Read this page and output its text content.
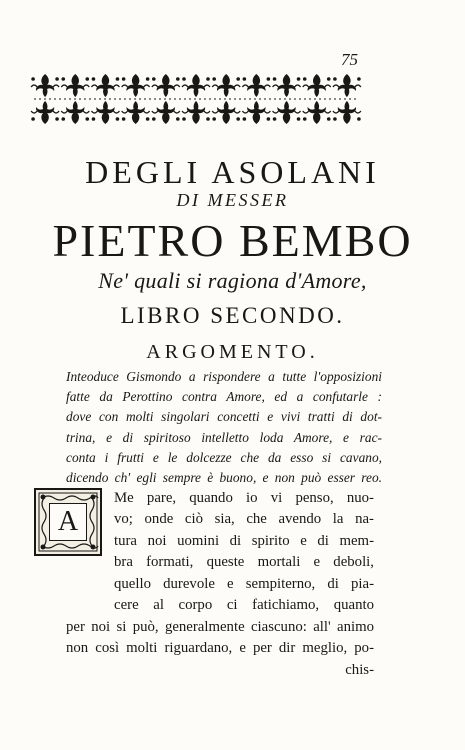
75
DEGLI ASOLANI
DI MESSER
PIETRO BEMBO
Ne' quali si ragiona d'Amore,
LIBRO SECONDO.
ARGOMENTO.
Inteoduce Gismondo a rispondere a tutte l'opposizioni
fatte da Perottino contra Amore, ed a confutarle :
dove con molti singolari concetti e vivi tratti di dot-
trina, e di spiritoso intelletto loda Amore, e rac-
conta i frutti e le dolcezze che da esso si cavano,
dicendo ch' egli sempre è buono, e non può esser reo.
A
Me pare, quando io vi penso, nuo-
vo; onde ciò sia, che avendo la na-
tura noi uomini di spirito e di mem-
bra formati, queste mortali e deboli,
quello durevole e sempiterno, di pia-
cere al corpo ci fatichiamo, quanto
per noi si può, generalmente ciascuno: all' animo
non così molti riguardano, e per dir meglio, po-
chis-
